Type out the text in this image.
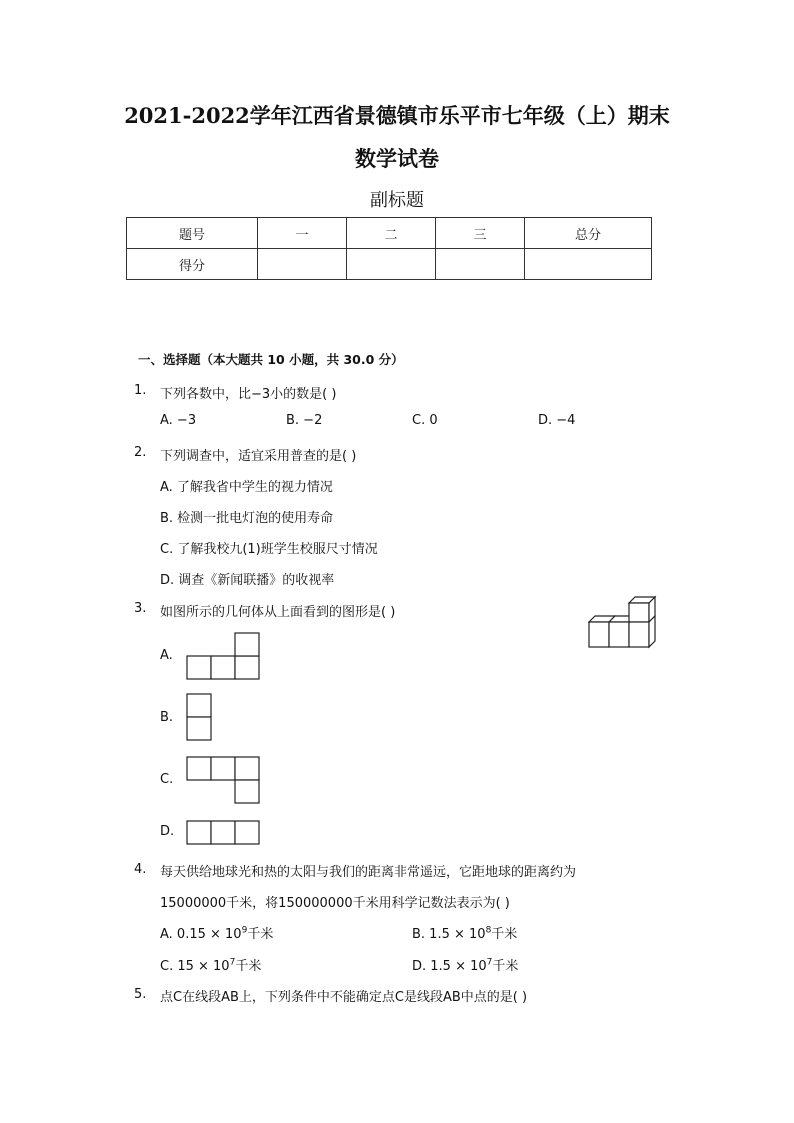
2021-2022学年江西省景德镇市乐平市七年级（上）期末
数学试卷
副标题
题号	一	二	三	总分
得分				
一、选择题（本大题共 10 小题，共 30.0 分）
1. 下列各数中，比−3小的数是( )
A. −3	B. −2	C. 0	D. −4
2. 下列调查中，适宜采用普查的是( )
A. 了解我省中学生的视力情况
B. 检测一批电灯泡的使用寿命
C. 了解我校九(1)班学生校服尺寸情况
D. 调查《新闻联播》的收视率
3. 如图所示的几何体从上面看到的图形是( )
A.
B.
C.
D.
4. 每天供给地球光和热的太阳与我们的距离非常遥远，它距地球的距离约为
15000000千米，将150000000千米用科学记数法表示为( )
A. $0.15 \times 10^9$千米	B. $1.5 \times 10^8$千米
C. $15 \times 10^7$千米	D. $1.5 \times 10^7$千米
5. 点C在线段AB上，下列条件中不能确定点C是线段AB中点的是( )
